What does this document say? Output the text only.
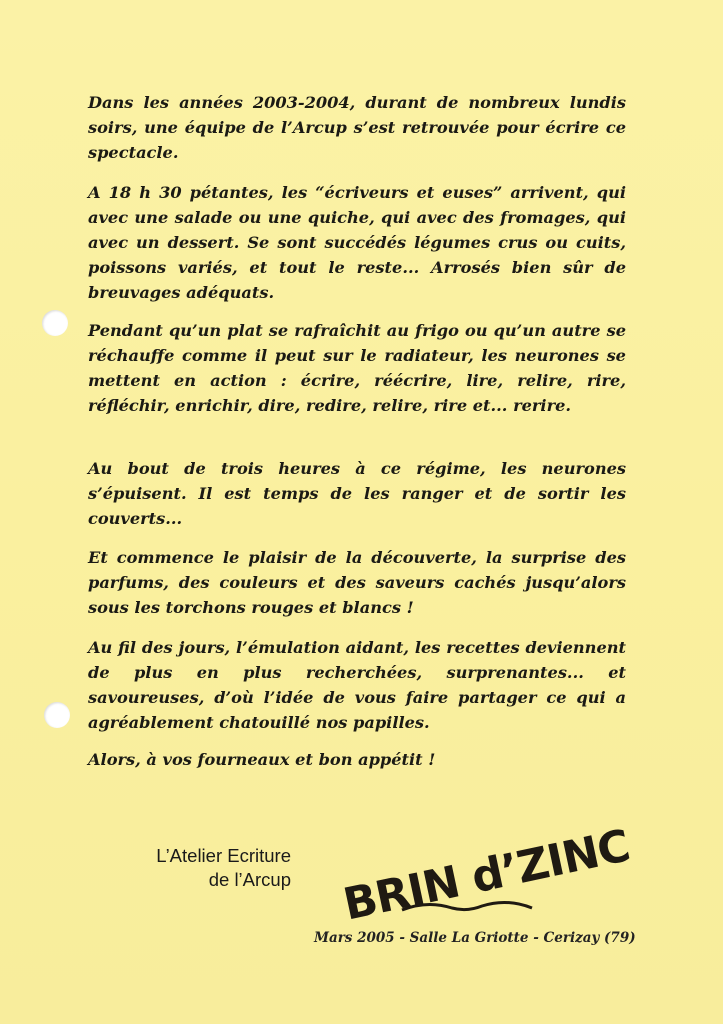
Dans les années 2003-2004, durant de nombreux lundis soirs, une équipe de l’Arcup s’est retrouvée pour écrire ce spectacle.

A 18 h 30 pétantes, les “écriveurs et euses” arrivent, qui avec une salade ou une quiche, qui avec des fromages, qui avec un dessert. Se sont succédés légumes crus ou cuits, poissons variés, et tout le reste... Arrosés bien sûr de breuvages adéquats.

Pendant qu’un plat se rafraîchit au frigo ou qu’un autre se réchauffe comme il peut sur le radiateur, les neurones se mettent en action : écrire, réécrire, lire, relire, rire, réfléchir, enrichir, dire, redire, relire, rire et... rerire.

Au bout de trois heures à ce régime, les neurones s’épuisent. Il est temps de les ranger et de sortir les couverts...

Et commence le plaisir de la découverte, la surprise des parfums, des couleurs et des saveurs cachés jusqu’alors sous les torchons rouges et blancs !

Au fil des jours, l’émulation aidant, les recettes deviennent de plus en plus recherchées, surprenantes... et savoureuses, d’où l’idée de vous faire partager ce qui a agréablement chatouillé nos papilles.

Alors, à vos fourneaux et bon appétit !

L’Atelier Ecriture
de l’Arcup BRIN d’ZINC
Mars 2005 - Salle La Griotte - Cerizay (79)
